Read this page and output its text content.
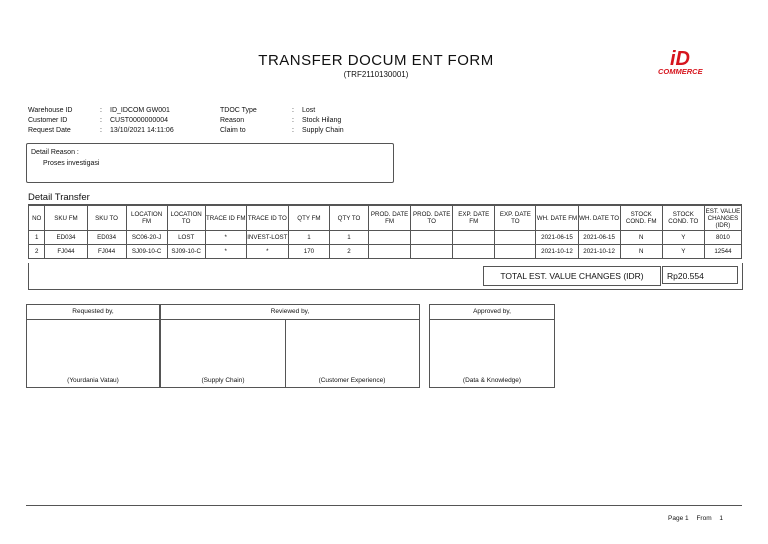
TRANSFER DOCUM ENT FORM
(TRF2110130001)
iD
COMMERCE
Warehouse ID	:	ID_IDCOM GW001
Customer ID	:	CUST0000000004
Request Date	:	13/10/2021 14:11:06
TDOC Type	:	Lost
Reason	:	Stock Hilang
Claim to	:	Supply Chain
Detail Reason :
Proses investigasi
Detail Transfer
NO	SKU FM	SKU TO	LOCATION FM	LOCATION TO	TRACE ID FM	TRACE ID TO	QTY FM	QTY TO	PROD. DATE FM	PROD. DATE TO	EXP. DATE FM	EXP. DATE TO	WH. DATE FM	WH. DATE TO	STOCK COND. FM	STOCK COND. TO	EST. VALUE CHANGES (IDR)
1	ED034	ED034	SC06-20-J	LOST	*	INVEST-LOST	1	1					2021-06-15	2021-06-15	N	Y	8010
2	FJ044	FJ044	SJ09-10-C	SJ09-10-C	*	*	170	2					2021-10-12	2021-10-12	N	Y	12544
TOTAL EST. VALUE CHANGES (IDR)	Rp20.554
Requested by,
(Yourdania Vatau)
Reviewed by,
(Supply Chain)	(Customer Experience)
Approved by,
(Data & Knowledge)
Page 1 From 1
